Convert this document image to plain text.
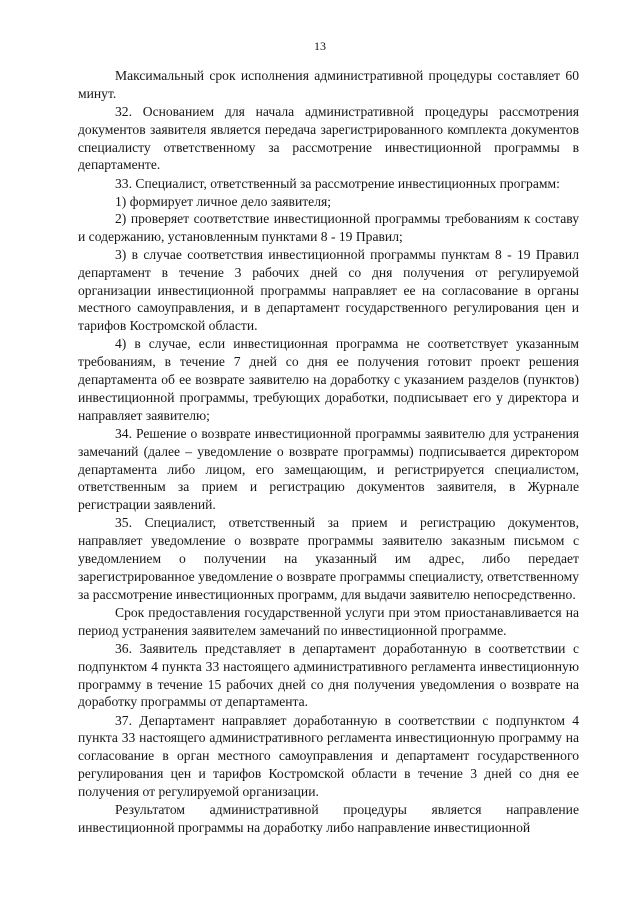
13

Максимальный срок исполнения административной процедуры составляет 60 минут.

32. Основанием для начала административной процедуры рассмотрения документов заявителя является передача зарегистрированного комплекта документов специалисту ответственному за рассмотрение инвестиционной программы в департаменте.

33. Специалист, ответственный за рассмотрение инвестиционных программ:

1) формирует личное дело заявителя;

2) проверяет соответствие инвестиционной программы требованиям к составу и содержанию, установленным пунктами 8 - 19 Правил;

3) в случае соответствия инвестиционной программы пунктам 8 - 19 Правил департамент в течение 3 рабочих дней со дня получения от регулируемой организации инвестиционной программы направляет ее на согласование в органы местного самоуправления, и в департамент государственного регулирования цен и тарифов Костромской области.

4) в случае, если инвестиционная программа не соответствует указанным требованиям, в течение 7 дней со дня ее получения готовит проект решения департамента об ее возврате заявителю на доработку с указанием разделов (пунктов) инвестиционной программы, требующих доработки, подписывает его у директора и направляет заявителю;

34. Решение о возврате инвестиционной программы заявителю для устранения замечаний (далее – уведомление о возврате программы) подписывается директором департамента либо лицом, его замещающим, и регистрируется специалистом, ответственным за прием и регистрацию документов заявителя, в Журнале регистрации заявлений.

35. Специалист, ответственный за прием и регистрацию документов, направляет уведомление о возврате программы заявителю заказным письмом с уведомлением о получении на указанный им адрес, либо передает зарегистрированное уведомление о возврате программы специалисту, ответственному за рассмотрение инвестиционных программ, для выдачи заявителю непосредственно.

Срок предоставления государственной услуги при этом приостанавливается на период устранения заявителем замечаний по инвестиционной программе.

36. Заявитель представляет в департамент доработанную в соответствии с подпунктом 4 пункта 33 настоящего административного регламента инвестиционную программу в течение 15 рабочих дней со дня получения уведомления о возврате на доработку программы от департамента.

37. Департамент направляет доработанную в соответствии с подпунктом 4 пункта 33 настоящего административного регламента инвестиционную программу на согласование в орган местного самоуправления и департамент государственного регулирования цен и тарифов Костромской области в течение 3 дней со дня ее получения от регулируемой организации.

Результатом административной процедуры является направление инвестиционной программы на доработку либо направление инвестиционной
